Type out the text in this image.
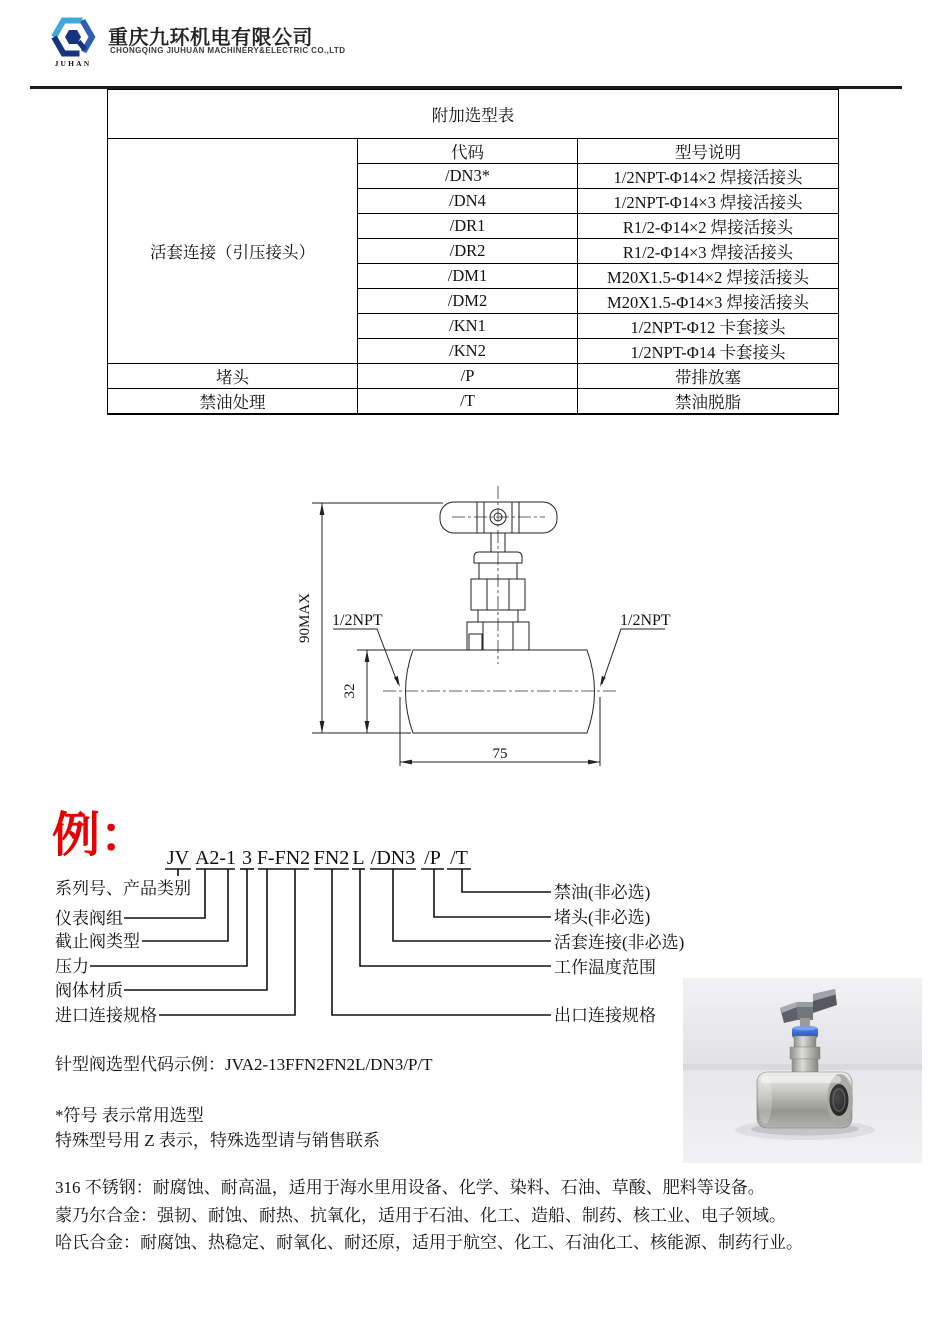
JUHAN
重庆九环机电有限公司
CHONGQING JIUHUAN MACHINERY&ELECTRIC CO.,LTD
附加选型表		
活套连接（引压接头）	代码	型号说明
	/DN3*	1/2NPT-Φ14×2 焊接活接头
	/DN4	1/2NPT-Φ14×3 焊接活接头
	/DR1	R1/2-Φ14×2 焊接活接头
	/DR2	R1/2-Φ14×3 焊接活接头
	/DM1	M20X1.5-Φ14×2 焊接活接头
	/DM2	M20X1.5-Φ14×3 焊接活接头
	/KN1	1/2NPT-Φ12 卡套接头
	/KN2	1/2NPT-Φ14 卡套接头
堵头	/P	带排放塞
禁油处理	/T	禁油脱脂
90MAX
32
75
1/2NPT	1/2NPT
例： JV A2-1 3 F-FN2 FN2 L /DN3 /P /T
系列号、产品类别
仪表阀组
截止阀类型
压力
阀体材质
进口连接规格
禁油(非必选)
堵头(非必选)
活套连接(非必选)
工作温度范围
出口连接规格
针型阀选型代码示例：JVA2-13FFN2FN2L/DN3/P/T
*符号 表示常用选型
特殊型号用 Z 表示，特殊选型请与销售联系
316 不锈钢：耐腐蚀、耐高温，适用于海水里用设备、化学、染料、石油、草酸、肥料等设备。
蒙乃尔合金：强韧、耐蚀、耐热、抗氧化，适用于石油、化工、造船、制药、核工业、电子领域。
哈氏合金：耐腐蚀、热稳定、耐氧化、耐还原，适用于航空、化工、石油化工、核能源、制药行业。
